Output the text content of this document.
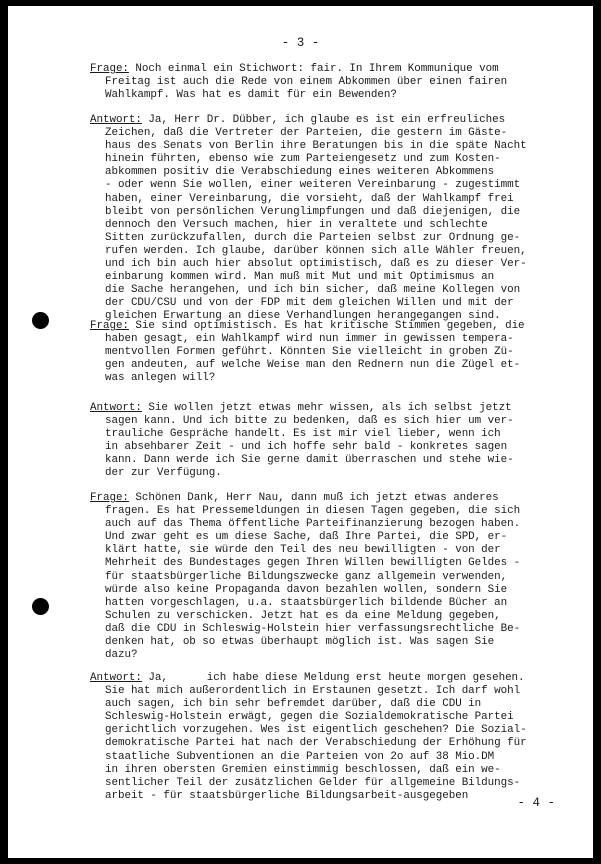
- 3 -
Frage: Noch einmal ein Stichwort: fair. In Ihrem Kommunique vom
Freitag ist auch die Rede von einem Abkommen über einen fairen
Wahlkampf. Was hat es damit für ein Bewenden?
Antwort: Ja, Herr Dr. Dübber, ich glaube es ist ein erfreuliches
Zeichen, daß die Vertreter der Parteien, die gestern im Gäste-
haus des Senats von Berlin ihre Beratungen bis in die späte Nacht
hinein führten, ebenso wie zum Parteiengesetz und zum Kosten-
abkommen positiv die Verabschiedung eines weiteren Abkommens
- oder wenn Sie wollen, einer weiteren Vereinbarung - zugestimmt
haben, einer Vereinbarung, die vorsieht, daß der Wahlkampf frei
bleibt von persönlichen Verunglimpfungen und daß diejenigen, die
dennoch den Versuch machen, hier in veraltete und schlechte
Sitten zurückzufallen, durch die Parteien selbst zur Ordnung ge-
rufen werden. Ich glaube, darüber können sich alle Wähler freuen,
und ich bin auch hier absolut optimistisch, daß es zu dieser Ver-
einbarung kommen wird. Man muß mit Mut und mit Optimismus an
die Sache herangehen, und ich bin sicher, daß meine Kollegen von
der CDU/CSU und von der FDP mit dem gleichen Willen und mit der
gleichen Erwartung an diese Verhandlungen herangegangen sind.
Frage: Sie sind optimistisch. Es hat kritische Stimmen gegeben, die
haben gesagt, ein Wahlkampf wird nun immer in gewissen tempera-
mentvollen Formen geführt. Könnten Sie vielleicht in groben Zü-
gen andeuten, auf welche Weise man den Rednern nun die Zügel et-
was anlegen will?
Antwort: Sie wollen jetzt etwas mehr wissen, als ich selbst jetzt
sagen kann. Und ich bitte zu bedenken, daß es sich hier um ver-
trauliche Gespräche handelt. Es ist mir viel lieber, wenn ich
in absehbarer Zeit - und ich hoffe sehr bald - konkretes sagen
kann. Dann werde ich Sie gerne damit überraschen und stehe wie-
der zur Verfügung.
Frage: Schönen Dank, Herr Nau, dann muß ich jetzt etwas anderes
fragen. Es hat Pressemeldungen in diesen Tagen gegeben, die sich
auch auf das Thema öffentliche Parteifinanzierung bezogen haben.
Und zwar geht es um diese Sache, daß Ihre Partei, die SPD, er-
klärt hatte, sie würde den Teil des neu bewilligten - von der
Mehrheit des Bundestages gegen Ihren Willen bewilligten Geldes -
für staatsbürgerliche Bildungszwecke ganz allgemein verwenden,
würde also keine Propaganda davon bezahlen wollen, sondern Sie
hatten vorgeschlagen, u.a. staatsbürgerlich bildende Bücher an
Schulen zu verschicken. Jetzt hat es da eine Meldung gegeben,
daß die CDU in Schleswig-Holstein hier verfassungsrechtliche Be-
denken hat, ob so etwas überhaupt möglich ist. Was sagen Sie
dazu?
Antwort: Ja,      ich habe diese Meldung erst heute morgen gesehen.
Sie hat mich außerordentlich in Erstaunen gesetzt. Ich darf wohl
auch sagen, ich bin sehr befremdet darüber, daß die CDU in
Schleswig-Holstein erwägt, gegen die Sozialdemokratische Partei
gerichtlich vorzugehen. Wes ist eigentlich geschehen? Die Sozial-
demokratische Partei hat nach der Verabschiedung der Erhöhung für
staatliche Subventionen an die Parteien von 2o auf 38 Mio.DM
in ihren obersten Gremien einstimmig beschlossen, daß ein we-
sentlicher Teil der zusätzlichen Gelder für allgemeine Bildungs-
arbeit - für staatsbürgerliche Bildungsarbeit-ausgegeben
- 4 -
